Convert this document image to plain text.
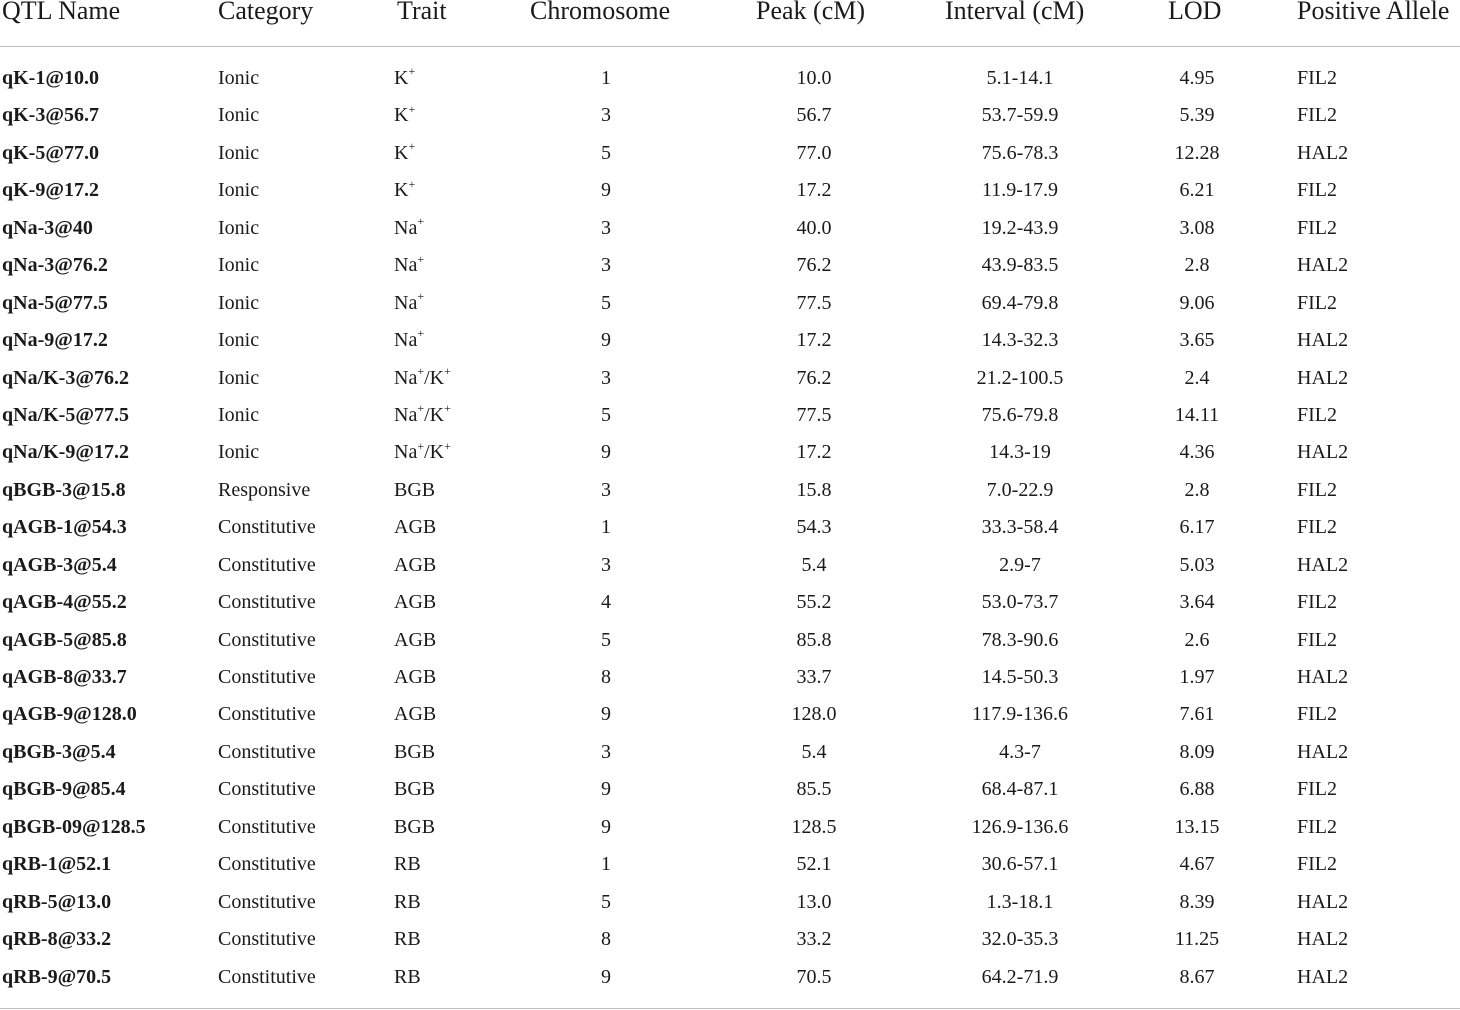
QTL Name	Category	Trait	Chromosome	Peak (cM)	Interval (cM)	LOD	Positive Allele
qK-1@10.0	Ionic	K+	1	10.0	5.1-14.1	4.95	FIL2
qK-3@56.7	Ionic	K+	3	56.7	53.7-59.9	5.39	FIL2
qK-5@77.0	Ionic	K+	5	77.0	75.6-78.3	12.28	HAL2
qK-9@17.2	Ionic	K+	9	17.2	11.9-17.9	6.21	FIL2
qNa-3@40	Ionic	Na+	3	40.0	19.2-43.9	3.08	FIL2
qNa-3@76.2	Ionic	Na+	3	76.2	43.9-83.5	2.8	HAL2
qNa-5@77.5	Ionic	Na+	5	77.5	69.4-79.8	9.06	FIL2
qNa-9@17.2	Ionic	Na+	9	17.2	14.3-32.3	3.65	HAL2
qNa/K-3@76.2	Ionic	Na+/K+	3	76.2	21.2-100.5	2.4	HAL2
qNa/K-5@77.5	Ionic	Na+/K+	5	77.5	75.6-79.8	14.11	FIL2
qNa/K-9@17.2	Ionic	Na+/K+	9	17.2	14.3-19	4.36	HAL2
qBGB-3@15.8	Responsive	BGB	3	15.8	7.0-22.9	2.8	FIL2
qAGB-1@54.3	Constitutive	AGB	1	54.3	33.3-58.4	6.17	FIL2
qAGB-3@5.4	Constitutive	AGB	3	5.4	2.9-7	5.03	HAL2
qAGB-4@55.2	Constitutive	AGB	4	55.2	53.0-73.7	3.64	FIL2
qAGB-5@85.8	Constitutive	AGB	5	85.8	78.3-90.6	2.6	FIL2
qAGB-8@33.7	Constitutive	AGB	8	33.7	14.5-50.3	1.97	HAL2
qAGB-9@128.0	Constitutive	AGB	9	128.0	117.9-136.6	7.61	FIL2
qBGB-3@5.4	Constitutive	BGB	3	5.4	4.3-7	8.09	HAL2
qBGB-9@85.4	Constitutive	BGB	9	85.5	68.4-87.1	6.88	FIL2
qBGB-09@128.5	Constitutive	BGB	9	128.5	126.9-136.6	13.15	FIL2
qRB-1@52.1	Constitutive	RB	1	52.1	30.6-57.1	4.67	FIL2
qRB-5@13.0	Constitutive	RB	5	13.0	1.3-18.1	8.39	HAL2
qRB-8@33.2	Constitutive	RB	8	33.2	32.0-35.3	11.25	HAL2
qRB-9@70.5	Constitutive	RB	9	70.5	64.2-71.9	8.67	HAL2
